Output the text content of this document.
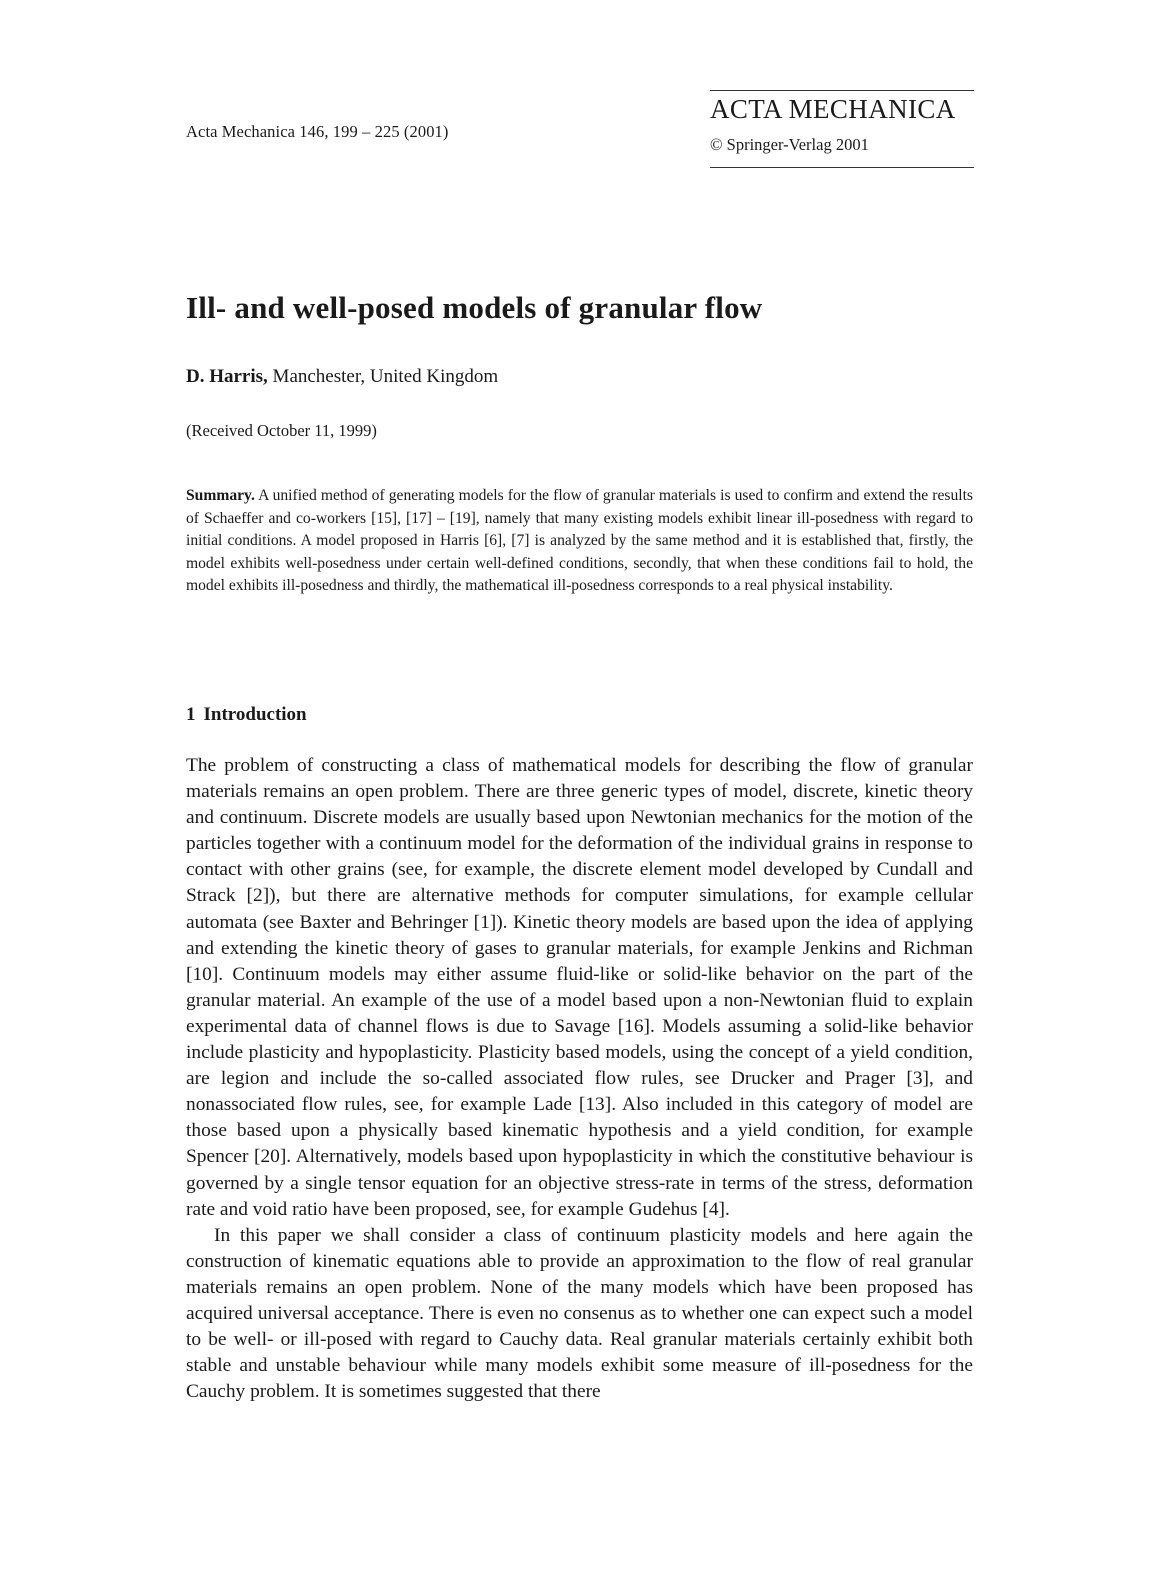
Acta Mechanica 146, 199 – 225 (2001)
ACTA MECHANICA
© Springer-Verlag 2001
Ill- and well-posed models of granular flow
D. Harris, Manchester, United Kingdom
(Received October 11, 1999)

Summary. A unified method of generating models for the flow of granular materials is used to confirm and extend the results of Schaeffer and co-workers [15], [17] – [19], namely that many existing models exhibit linear ill-posedness with regard to initial conditions. A model proposed in Harris [6], [7] is analyzed by the same method and it is established that, firstly, the model exhibits well-posedness under certain well-defined conditions, secondly, that when these conditions fail to hold, the model exhibits ill-posedness and thirdly, the mathematical ill-posedness corresponds to a real physical instability.

1 Introduction

The problem of constructing a class of mathematical models for describing the flow of granular materials remains an open problem. There are three generic types of model, discrete, kinetic theory and continuum. Discrete models are usually based upon Newtonian mechanics for the motion of the particles together with a continuum model for the deformation of the individual grains in response to contact with other grains (see, for example, the discrete element model developed by Cundall and Strack [2]), but there are alternative methods for computer simulations, for example cellular automata (see Baxter and Behringer [1]). Kinetic theory models are based upon the idea of applying and extending the kinetic theory of gases to granular materials, for example Jenkins and Richman [10]. Continuum models may either assume fluid-like or solid-like behavior on the part of the granular material. An example of the use of a model based upon a non-Newtonian fluid to explain experimental data of channel flows is due to Savage [16]. Models assuming a solid-like behavior include plasticity and hypoplasticity. Plasticity based models, using the concept of a yield condition, are legion and include the so-called associated flow rules, see Drucker and Prager [3], and nonassociated flow rules, see, for example Lade [13]. Also included in this category of model are those based upon a physically based kinematic hypothesis and a yield condition, for example Spencer [20]. Alternatively, models based upon hypoplasticity in which the constitutive behaviour is governed by a single tensor equation for an objective stress-rate in terms of the stress, deformation rate and void ratio have been proposed, see, for example Gudehus [4].

In this paper we shall consider a class of continuum plasticity models and here again the construction of kinematic equations able to provide an approximation to the flow of real granular materials remains an open problem. None of the many models which have been proposed has acquired universal acceptance. There is even no consenus as to whether one can expect such a model to be well- or ill-posed with regard to Cauchy data. Real granular materials certainly exhibit both stable and unstable behaviour while many models exhibit some measure of ill-posedness for the Cauchy problem. It is sometimes suggested that there
